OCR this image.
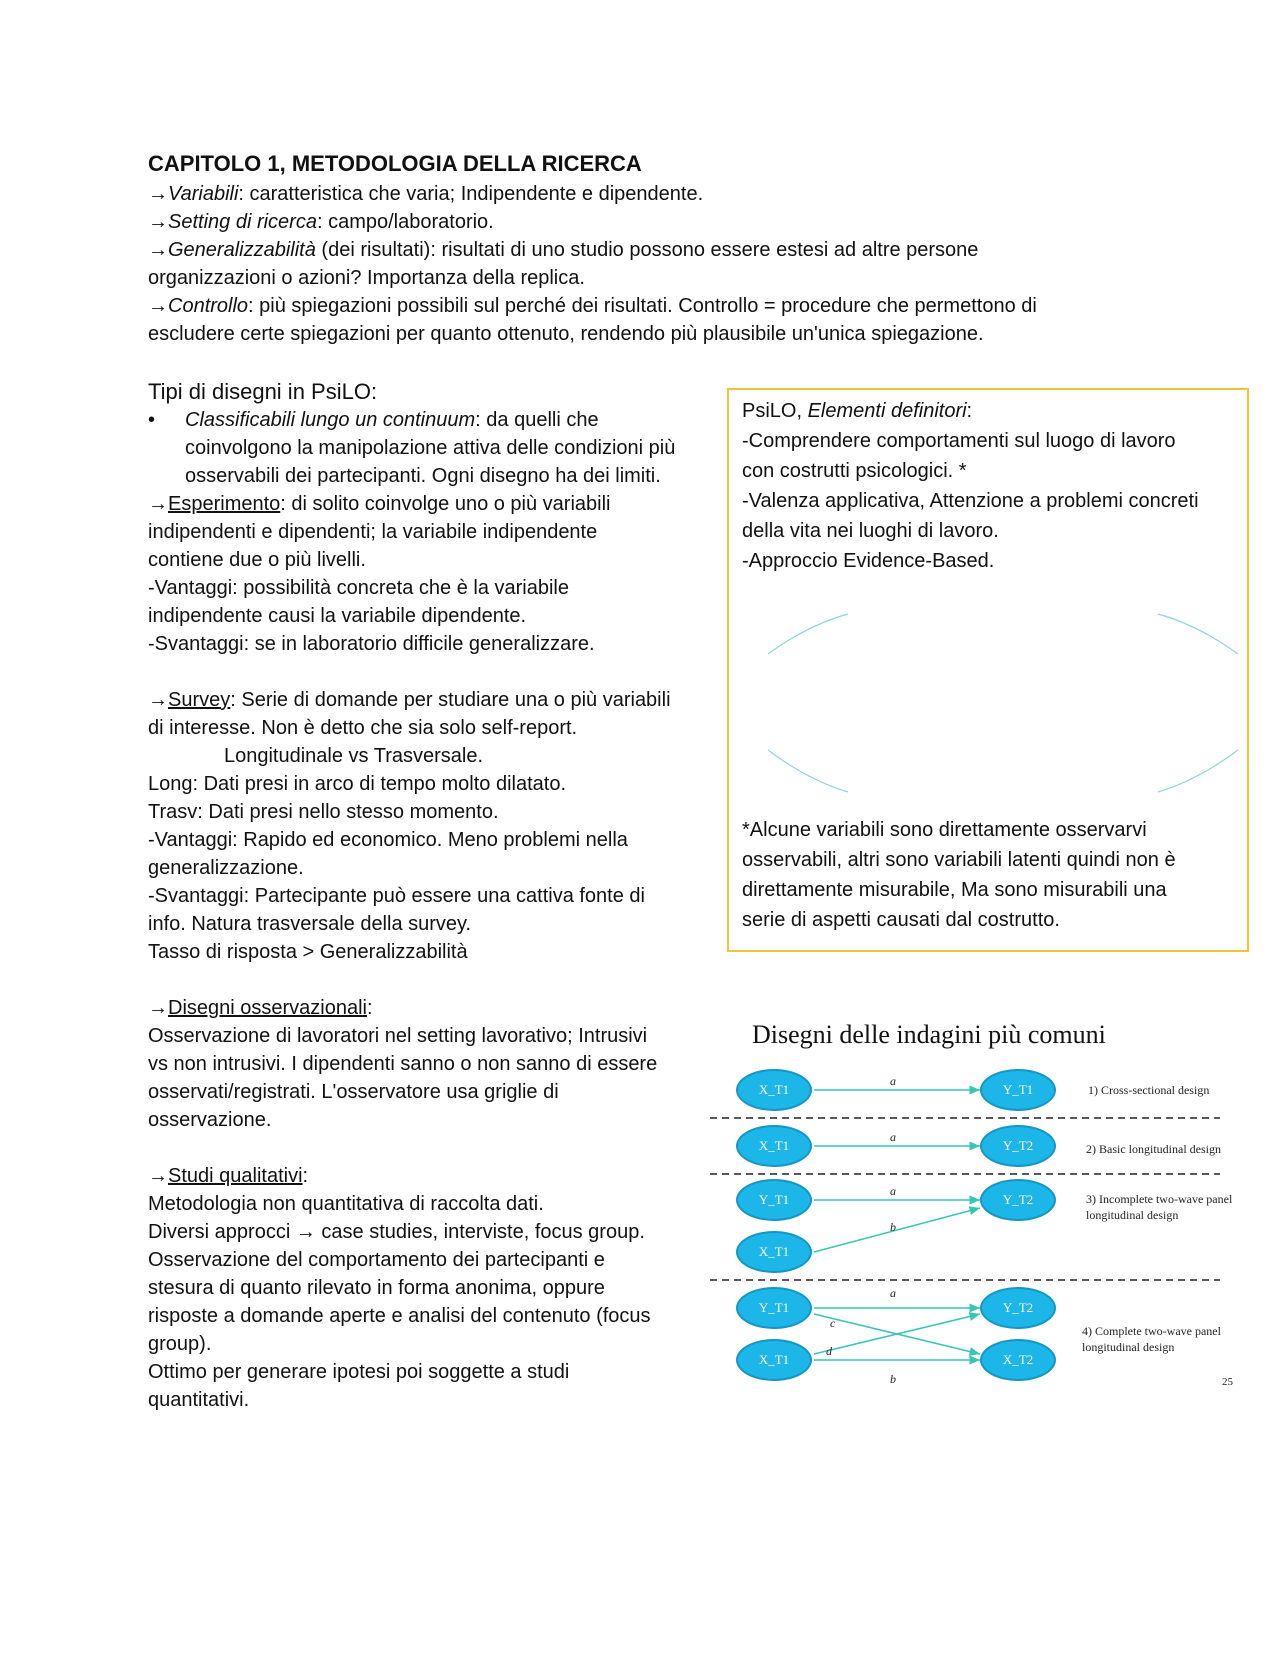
CAPITOLO 1, METODOLOGIA DELLA RICERCA
→Variabili: caratteristica che varia; Indipendente e dipendente.
→Setting di ricerca: campo/laboratorio.
→Generalizzabilità (dei risultati): risultati di uno studio possono essere estesi ad altre persone
organizzazioni o azioni? Importanza della replica.
→Controllo: più spiegazioni possibili sul perché dei risultati. Controllo = procedure che permettono di
escludere certe spiegazioni per quanto ottenuto, rendendo più plausibile un'unica spiegazione.
Tipi di disegni in PsiLO:
• Classificabili lungo un continuum: da quelli che
coinvolgono la manipolazione attiva delle condizioni più
osservabili dei partecipanti. Ogni disegno ha dei limiti.
→Esperimento: di solito coinvolge uno o più variabili
indipendenti e dipendenti; la variabile indipendente
contiene due o più livelli.
-Vantaggi: possibilità concreta che è la variabile
indipendente causi la variabile dipendente.
-Svantaggi: se in laboratorio difficile generalizzare.
→Survey: Serie di domande per studiare una o più variabili
di interesse. Non è detto che sia solo self-report.
Longitudinale vs Trasversale.
Long: Dati presi in arco di tempo molto dilatato.
Trasv: Dati presi nello stesso momento.
-Vantaggi: Rapido ed economico. Meno problemi nella
generalizzazione.
-Svantaggi: Partecipante può essere una cattiva fonte di
info. Natura trasversale della survey.
Tasso di risposta > Generalizzabilità
→Disegni osservazionali:
Osservazione di lavoratori nel setting lavorativo; Intrusivi
vs non intrusivi. I dipendenti sanno o non sanno di essere
osservati/registrati. L'osservatore usa griglie di
osservazione.
→Studi qualitativi:
Metodologia non quantitativa di raccolta dati.
Diversi approcci → case studies, interviste, focus group.
Osservazione del comportamento dei partecipanti e
stesura di quanto rilevato in forma anonima, oppure
risposte a domande aperte e analisi del contenuto (focus
group).
Ottimo per generare ipotesi poi soggette a studi
quantitativi.
PsiLO, Elementi definitori:
-Comprendere comportamenti sul luogo di lavoro
con costrutti psicologici. *
-Valenza applicativa, Attenzione a problemi concreti
della vita nei luoghi di lavoro.
-Approccio Evidence-Based.
*Alcune variabili sono direttamente osservarvi
osservabili, altri sono variabili latenti quindi non è
direttamente misurabile, Ma sono misurabili una
serie di aspetti causati dal costrutto.
Disegni delle indagini più comuni
X_T1	Y_T1
a
1) Cross-sectional design
X_T1	Y_T2
a
2) Basic longitudinal design
Y_T1	Y_T2
X_T1
a
b
3) Incomplete two-wave panel
longitudinal design
Y_T1	Y_T2
X_T1	X_T2
a
c
d
b
4) Complete two-wave panel
longitudinal design
25
